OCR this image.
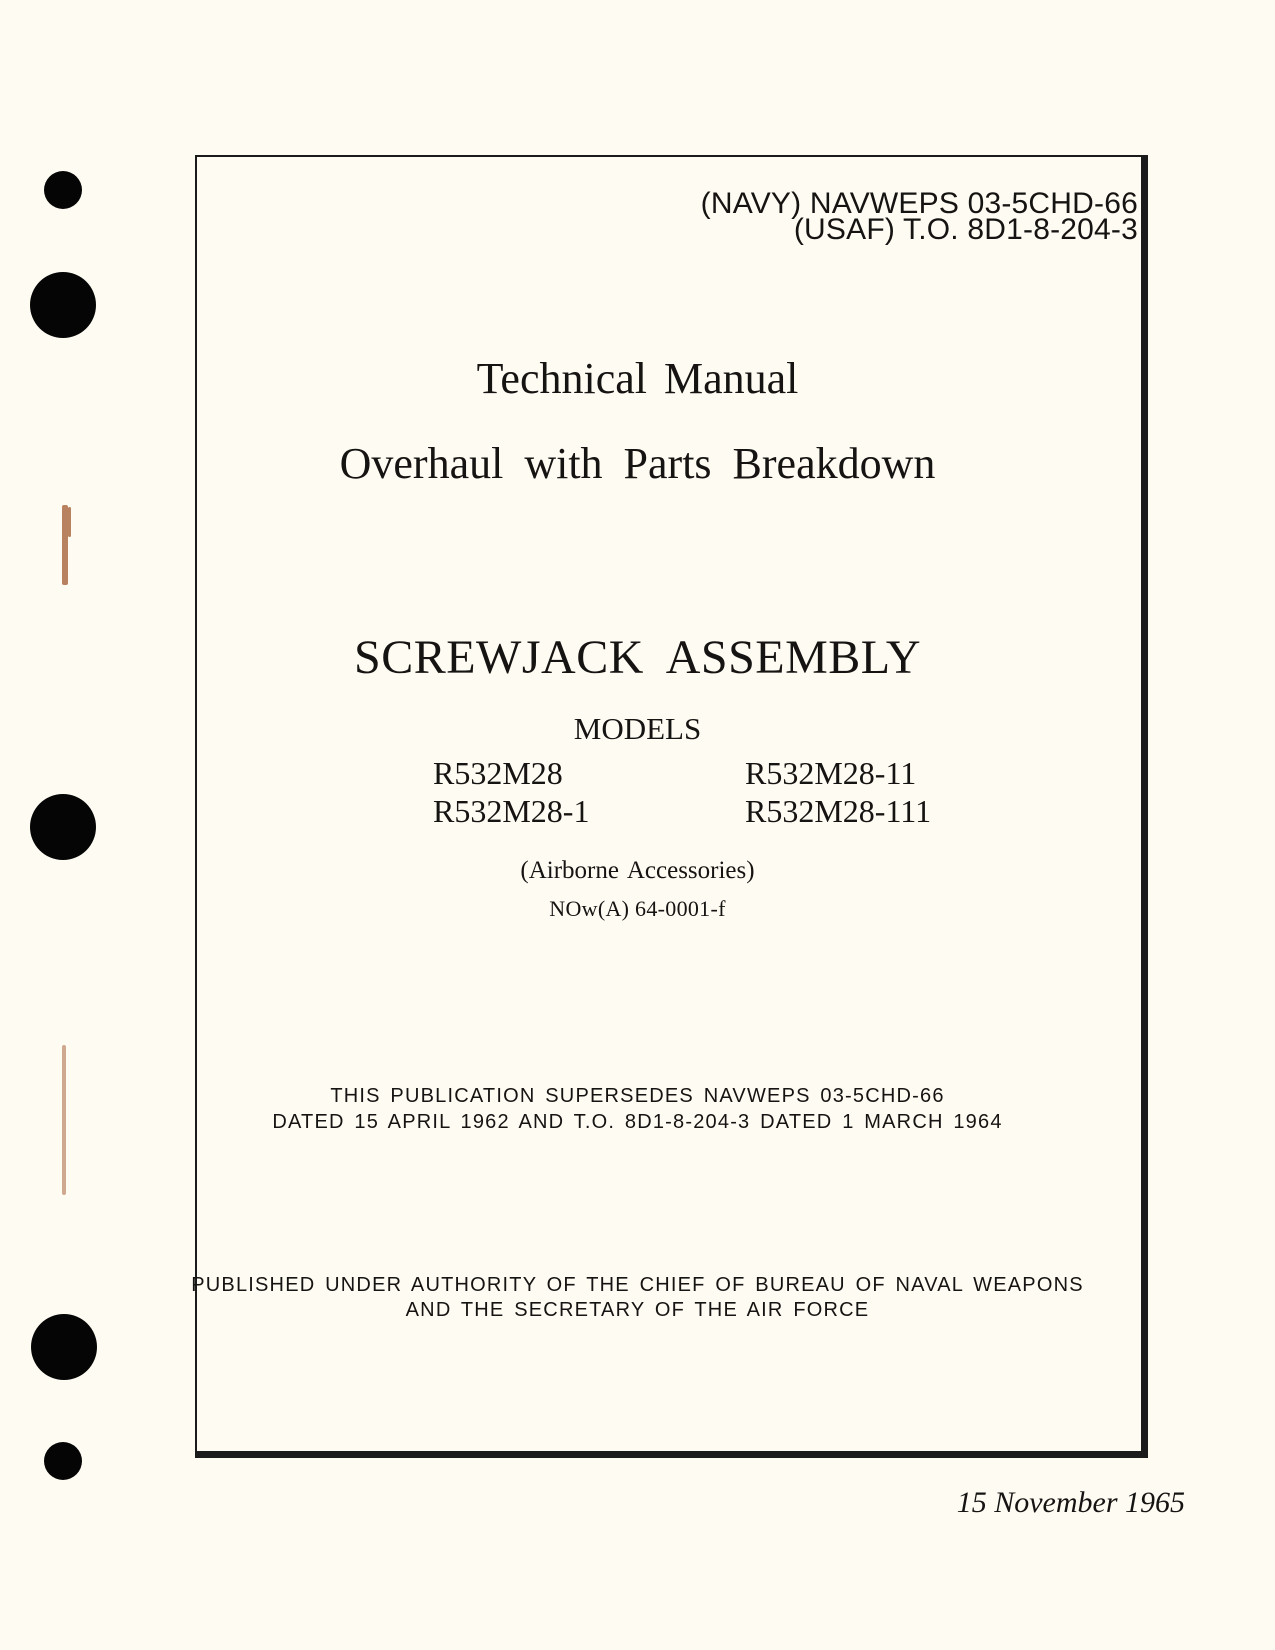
(NAVY) NAVWEPS 03-5CHD-66
(USAF) T.O. 8D1-8-204-3
Technical Manual
Overhaul with Parts Breakdown
SCREWJACK ASSEMBLY
MODELS
R532M28	R532M28-11
R532M28-1	R532M28-111
(Airborne Accessories)
NOw(A) 64-0001-f
THIS PUBLICATION SUPERSEDES NAVWEPS 03-5CHD-66
DATED 15 APRIL 1962 AND T.O. 8D1-8-204-3 DATED 1 MARCH 1964
PUBLISHED UNDER AUTHORITY OF THE CHIEF OF BUREAU OF NAVAL WEAPONS
AND THE SECRETARY OF THE AIR FORCE
15 November 1965
